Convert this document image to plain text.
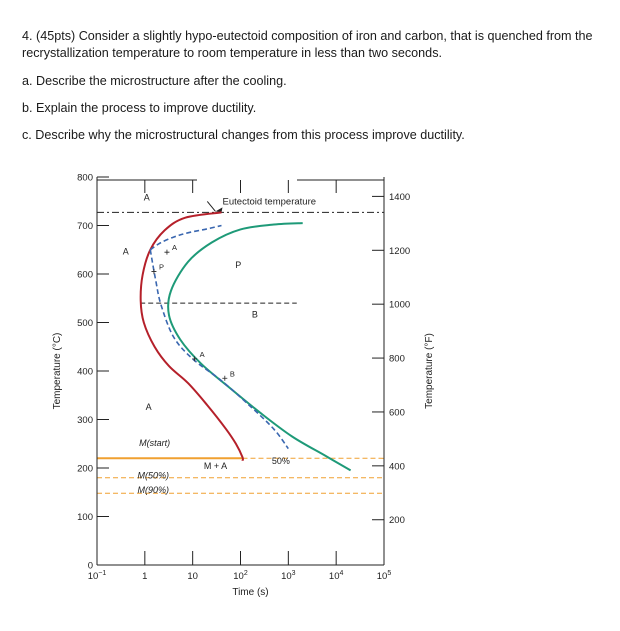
4. (45pts) Consider a slightly hypo-eutectoid composition of iron and carbon, that is quenched from the
recrystallization temperature to room temperature in less than two seconds.
a. Describe the microstructure after the cooling.
b. Explain the process to improve ductility.
c. Describe why the microstructural changes from this process improve ductility.
0
100
200
300
400
500
600
700
800
200
400
600
800
1000
1200
1400
$10^{-1}$	1	10	$10^2$	$10^3$	$10^4$	$10^5$
Time (s)
Temperature (°C)	Temperature (°F)
Eutectoid temperature
A
A
A
P
B
M(start)
M(50%)
M(90%)
M + A	50%
A
P
A
B
